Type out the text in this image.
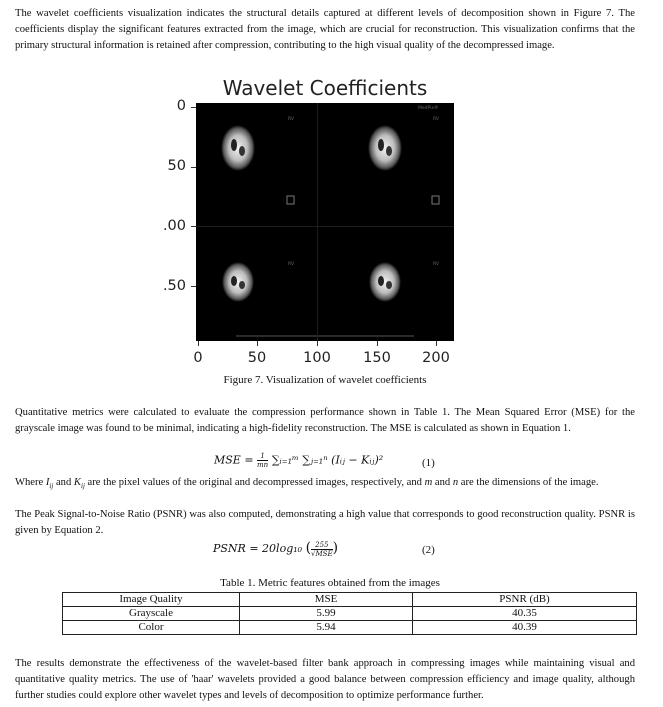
The wavelet coefficients visualization indicates the structural details captured at different levels of decomposition shown in Figure 7. The coefficients display the significant features extracted from the image, which are crucial for reconstruction. This visualization confirms that the primary structural information is retained after compression, contributing to the high visual quality of the decompressed image.

Wavelet Coefficients
0
50
.00
.50
MedPix®
RV	RV
RV	RV
0	50	100	150	200
Figure 7. Visualization of wavelet coefficients

Quantitative metrics were calculated to evaluate the compression performance shown in Table 1. The Mean Squared Error (MSE) for the grayscale image was found to be minimal, indicating a high-fidelity reconstruction. The MSE is calculated as shown in Equation 1.

MSE = $\frac{1}{mn}$ ∑ᵢ₌₁ᵐ ∑ⱼ₌₁ⁿ (Iᵢⱼ − Kᵢⱼ)²	(1)

Where $I_{ij}$ and $K_{ij}$ are the pixel values of the original and decompressed images, respectively, and m and n are the dimensions of the image.

The Peak Signal-to-Noise Ratio (PSNR) was also computed, demonstrating a high value that corresponds to good reconstruction quality. PSNR is given by Equation 2.

PSNR = 20log₁₀ ( $\frac{255}{\text{√MSE}}$ )	(2)
Table 1. Metric features obtained from the images
Image Quality	MSE	PSNR (dB)
Grayscale	5.99	40.35
Color	5.94	40.39

The results demonstrate the effectiveness of the wavelet-based filter bank approach in compressing images while maintaining visual and quantitative quality metrics. The use of 'haar' wavelets provided a good balance between compression efficiency and image quality, although further studies could explore other wavelet types and levels of decomposition to optimize performance further.
